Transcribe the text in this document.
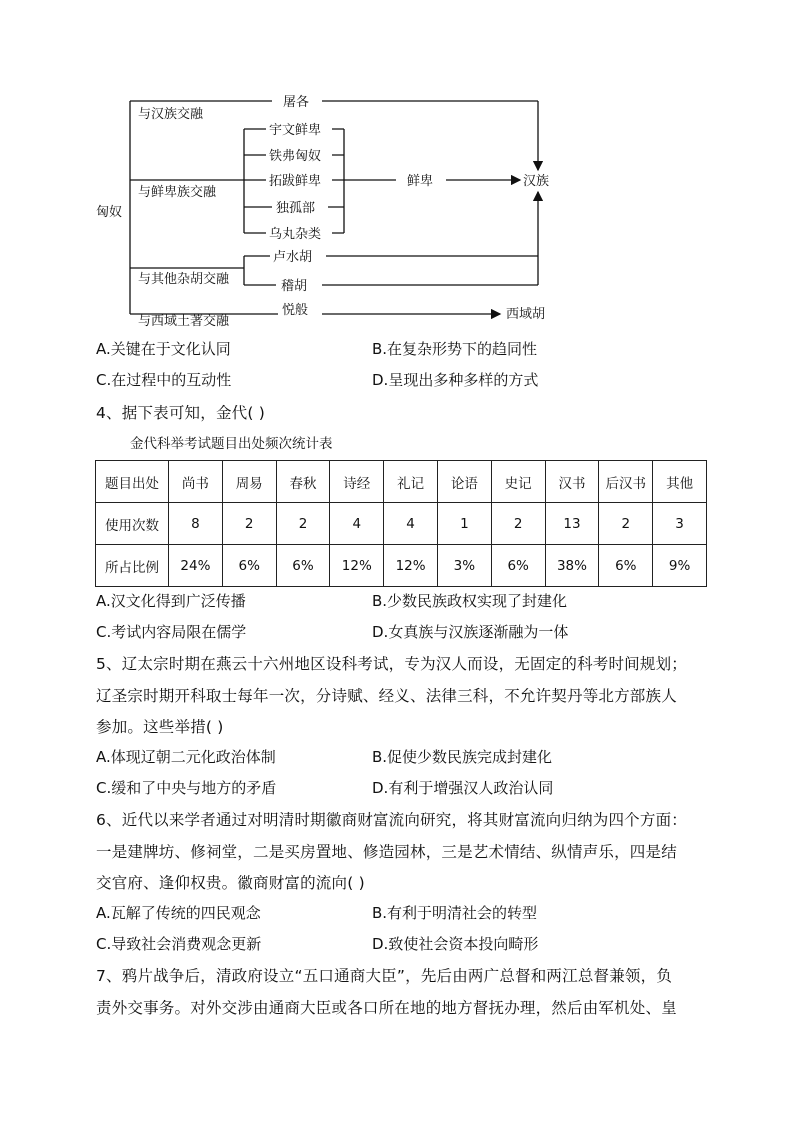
匈奴
与汉族交融
与鲜卑族交融
与其他杂胡交融
与西域土著交融
屠各
宇文鲜卑
铁弗匈奴
拓跋鲜卑
独孤部
乌丸杂类
卢水胡
稽胡
悦般
鲜卑	汉族
西域胡
A.关键在于文化认同	B.在复杂形势下的趋同性
C.在过程中的互动性	D.呈现出多种多样的方式
4、据下表可知，金代( )
金代科举考试题目出处频次统计表
题目出处	尚书	周易	春秋	诗经	礼记	论语	史记	汉书	后汉书	其他
使用次数	8	2	2	4	4	1	2	13	2	3
所占比例	24%	6%	6%	12%	12%	3%	6%	38%	6%	9%
A.汉文化得到广泛传播	B.少数民族政权实现了封建化
C.考试内容局限在儒学	D.女真族与汉族逐渐融为一体
5、辽太宗时期在燕云十六州地区设科考试，专为汉人而设，无固定的科考时间规划；
辽圣宗时期开科取士每年一次，分诗赋、经义、法律三科，不允许契丹等北方部族人
参加。这些举措( )
A.体现辽朝二元化政治体制	B.促使少数民族完成封建化
C.缓和了中央与地方的矛盾	D.有利于增强汉人政治认同
6、近代以来学者通过对明清时期徽商财富流向研究，将其财富流向归纳为四个方面：
一是建牌坊、修祠堂，二是买房置地、修造园林，三是艺术情结、纵情声乐，四是结
交官府、逢仰权贵。徽商财富的流向( )
A.瓦解了传统的四民观念	B.有利于明清社会的转型
C.导致社会消费观念更新	D.致使社会资本投向畸形
7、鸦片战争后，清政府设立“五口通商大臣”，先后由两广总督和两江总督兼领，负
责外交事务。对外交涉由通商大臣或各口所在地的地方督抚办理，然后由军机处、皇
